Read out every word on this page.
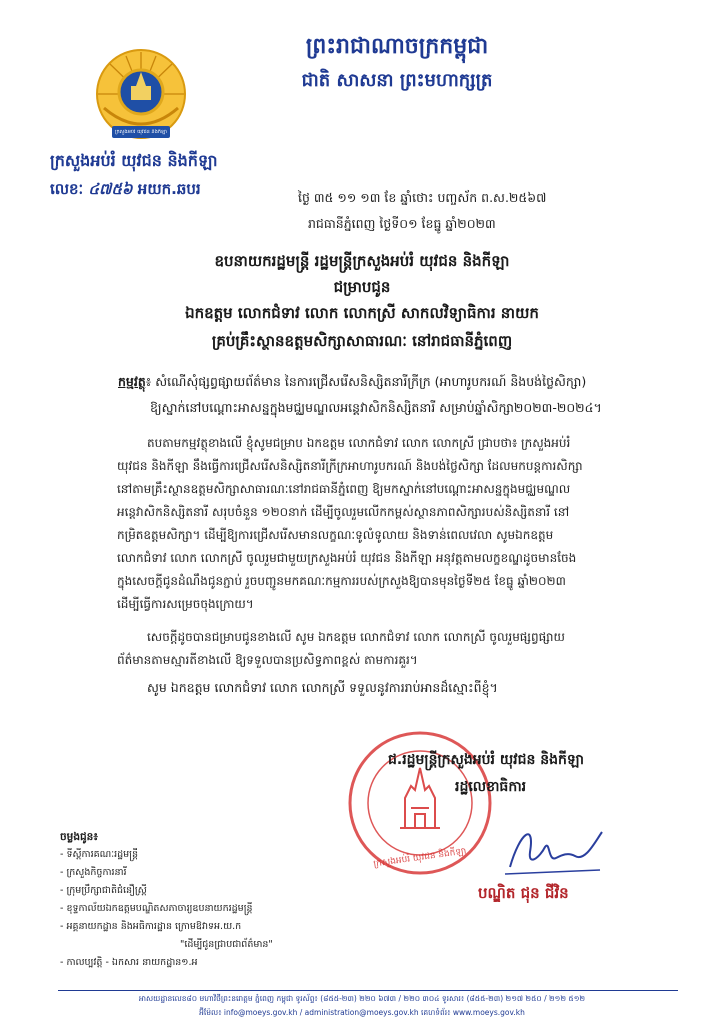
ក្រសួងអប់រំ យុវជន និងកីឡា
ព្រះរាជាណាចក្រកម្ពុជា
ជាតិ សាសនា ព្រះមហាក្សត្រ
ក្រសួងអប់រំ យុវជន និងកីឡា
លេខៈ ៤៧៥៦ អយក.ឆបរ	ថ្ងៃ ៣៥ ១១ ១៣ ខែ ឆ្នាំថោះ បញ្ចស័ក ព.ស.២៥៦៧
រាជធានីភ្នំពេញ ថ្ងៃទី០១ ខែធ្នូ ឆ្នាំ២០២៣
ឧបនាយករដ្ឋមន្ត្រី រដ្ឋមន្ត្រីក្រសួងអប់រំ យុវជន និងកីឡា
ជម្រាបជូន
ឯកឧត្តម លោកជំទាវ លោក លោកស្រី សាកលវិទ្យាធិការ នាយក
គ្រប់គ្រឹះស្ថានឧត្តមសិក្សាសាធារណៈ នៅរាជធានីភ្នំពេញ
កម្មវត្ថុ៖ សំណើសុំផ្សព្វផ្សាយព័ត៌មាន នៃការជ្រើសរើសនិស្សិតនារីក្រីក្រ (អាហារូបករណ៍ និងបង់ថ្លៃសិក្សា)
ឱ្យស្នាក់នៅបណ្ដោះអាសន្នក្នុងមជ្ឈមណ្ឌលអន្តេវាសិកនិស្សិតនារី សម្រាប់ឆ្នាំសិក្សា២០២៣-២០២៤។
តបតាមកម្មវត្ថុខាងលើ ខ្ញុំសូមជម្រាប ឯកឧត្តម លោកជំទាវ លោក លោកស្រី ជ្រាបថា៖ ក្រសួងអប់រំ
យុវជន និងកីឡា នឹងធ្វើការជ្រើសរើសនិស្សិតនារីក្រីក្រអាហារូបករណ៍ និងបង់ថ្លៃសិក្សា ដែលមកបន្តការសិក្សា
នៅតាមគ្រឹះស្ថានឧត្តមសិក្សាសាធារណៈនៅរាជធានីភ្នំពេញ ឱ្យមកស្នាក់នៅបណ្ដោះអាសន្នក្នុងមជ្ឈមណ្ឌល
អន្តេវាសិកនិស្សិតនារី សរុបចំនួន ១២០នាក់ ដើម្បីចូលរួមលើកកម្ពស់ស្ថានភាពសិក្សារបស់និស្សិតនារី នៅ
កម្រិតឧត្តមសិក្សា។ ដើម្បីឱ្យការជ្រើសរើសមានលក្ខណៈទូលំទូលាយ និងទាន់ពេលវេលា សូមឯកឧត្តម
លោកជំទាវ លោក លោកស្រី ចូលរួមជាមួយក្រសួងអប់រំ យុវជន និងកីឡា អនុវត្តតាមលក្ខខណ្ឌដូចមានចែង
ក្នុងសេចក្ដីជូនដំណឹងជូនភ្ជាប់ រួចបញ្ជូនមកគណៈកម្មការរបស់ក្រសួងឱ្យបានមុនថ្ងៃទី២៥ ខែធ្នូ ឆ្នាំ២០២៣
ដើម្បីធ្វើការសម្រេចចុងក្រោយ។
សេចក្ដីដូចបានជម្រាបជូនខាងលើ សូម ឯកឧត្តម លោកជំទាវ លោក លោកស្រី ចូលរួមផ្សព្វផ្សាយ
ព័ត៌មានតាមស្មារតីខាងលើ ឱ្យទទួលបានប្រសិទ្ធភាពខ្ពស់ តាមការគួរ។
សូម ឯកឧត្តម លោកជំទាវ លោក លោកស្រី ទទួលនូវការរាប់អានដ៏ស្មោះពីខ្ញុំ។
ក្រសួងអប់រំ យុវជន និងកីឡា
ជ.រដ្ឋមន្ត្រីក្រសួងអប់រំ យុវជន និងកីឡា
រដ្ឋលេខាធិការ
បណ្ឌិត ជុន ជីវិន
ចម្លងជូន៖
- ទីស្ដីការគណៈរដ្ឋមន្ត្រី
- ក្រសួងកិច្ចការនារី
- ក្រុមប្រឹក្សាជាតិជំនឿស្ត្រី
- ខុទ្ទកាល័យឯកឧត្តមបណ្ឌិតសភាចារ្យឧបនាយករដ្ឋមន្ត្រី
- អគ្គនាយកដ្ឋាន និងអធិការដ្ឋាន ក្រោមឱវាទអ.យ.ក
"ដើម្បីជូនជ្រាបជាព័ត៌មាន"
- កាលប្បវត្តិ - ឯកសារ នាយកដ្ឋាន១.អ
អាសយដ្ឋានលេខ៨០ មហាវិថីព្រះនរោត្ដម ភ្នំពេញ កម្ពុជា ទូរស័ព្ទ៖ (៨៥៥-២៣) ២២០ ៦៧៣ / ២២០ ៣០៤ ទូរសារ៖ (៨៥៥-២៣) ២១៧ ២៥០ / ២១២ ៥១២
អ៊ីម៉ែល៖ info@moeys.gov.kh / administration@moeys.gov.kh គេហទំព័រ៖ www.moeys.gov.kh
